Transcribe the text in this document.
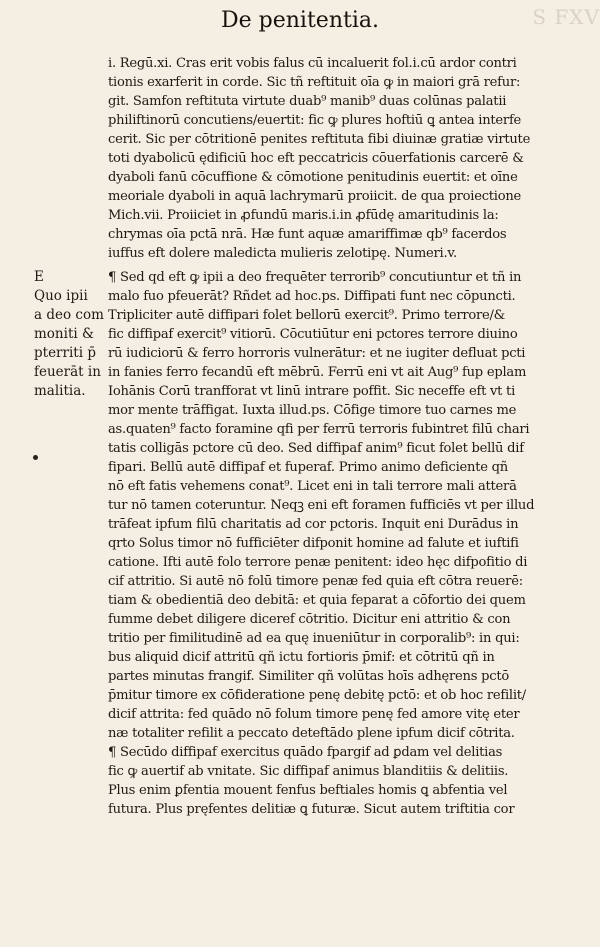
S FXV
De penitentia.
i. Regū.xi. Cras erit vobis falus cū incaluerit fol.i.cū ardor contri
tionis exarferit in corde. Sic tñ reftituit oīa ꝙ in maiori grā refur:
git. Samfon reftituta virtute duab⁹ manib⁹ duas colūnas palatii
philiftinorū concutiens/euertit: fic ꝙ plures hoftiū ꝗ antea interfe
cerit. Sic per cōtritionē penites reftituta fibi diuinæ gratiæ virtute
toti dyabolicū ędificiū hoc eft peccatricis cōuerfationis carcerē &
dyaboli fanū cōcuffione & cōmotione penitudinis euertit: et oīne
meoriale dyaboli in aquā lachrymarū proiicit. de qua proiectione
Mich.vii. Proiiciet in ꝓfundū maris.i.in ꝓfūdę amaritudinis la:
chrymas oīa pctā nrā. Hæ funt aquæ amariffimæ qb⁹ facerdos
iuffus eft dolere maledicta mulieris zelotipę. Numeri.v.
E	¶ Sed qd eft ꝙ ipii a deo frequēter terrorib⁹ concutiuntur et tñ in
Quo ipii malo fuo pfeuerāt? Rñdet ad hoc.ps. Diffipati funt nec cōpuncti.
a deo com Tripliciter autē diffipari folet bellorū exercit⁹. Primo terrore/&
moniti & fic diffipaf exercit⁹ vitiorū. Cōcutiūtur eni pctores terrore diuino
pterriti p̄ rū iudiciorū & ferro horroris vulnerātur: et ne iugiter defluat pcti
feuerāt in in fanies ferro fecandū eft mēbrū. Ferrū eni vt ait Aug⁹ fup eplam
malitia. Iohānis Corū tranfforat vt linū intrare poffit. Sic neceffe eft vt ti
mor mente trāffigat. Iuxta illud.ps. Cōfige timore tuo carnes me
as.quaten⁹ facto foramine qfi per ferrū terroris fubintret filū chari
tatis colligās pctore cū deo. Sed diffipaf anim⁹ ficut folet bellū dif
fipari. Bellū autē diffipaf et fuperaf. Primo animo deficiente qñ
nō eft fatis vehemens conat⁹. Licet eni in tali terrore mali atterā
tur nō tamen coteruntur. Neqꝫ eni eft foramen fufficiēs vt per illud
trāfeat ipfum filū charitatis ad cor pctoris. Inquit eni Durādus in
qrto Solus timor nō fufficiēter difponit homine ad falute et iuftifi
catione. Ifti autē folo terrore penæ penitent: ideo hęc difpofitio di
cif attritio. Si autē nō folū timore penæ fed quia eft cōtra reuerē:
tiam & obedientiā deo debitā: et quia feparat a cōfortio dei quem
fumme debet diligere diceref cōtritio. Dicitur eni attritio & con
tritio per fimilitudinē ad ea quę inueniūtur in corporalib⁹: in qui:
bus aliquid dicif attritū qñ ictu fortioris p̄mif: et cōtritū qñ in
partes minutas frangif. Similiter qñ volūtas hoīs adhęrens pctō
p̄mitur timore ex cōfideratione penę debitę pctō: et ob hoc refilit/
dicif attrita: fed quādo nō folum timore penę fed amore vitę eter
næ totaliter refilit a peccato deteftādo plene ipfum dicif cōtrita.
¶ Secūdo diffipaf exercitus quādo fpargif ad ꝑdam vel delitias
fic ꝙ auertif ab vnitate. Sic diffipaf animus blanditiis & delitiis.
Plus enim ꝑfentia mouent fenfus beftiales homis ꝗ abfentia vel
futura. Plus pręfentes delitiæ ꝗ futuræ. Sicut autem triftitia cor
